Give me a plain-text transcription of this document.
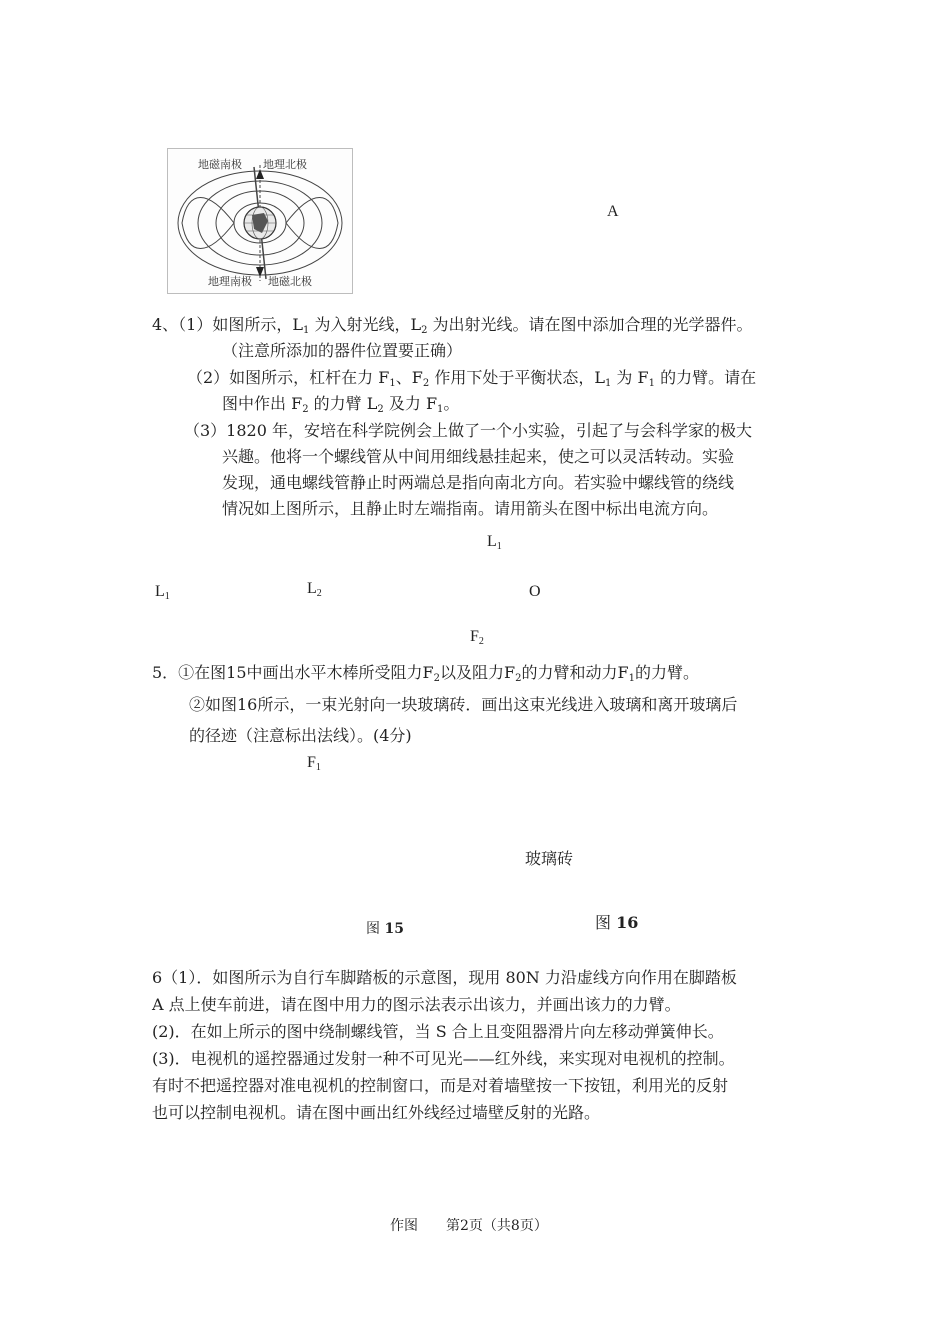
地磁南极 地理北极
地理南极 地磁北极
A
4、（1）如图所示，$L_1$ 为入射光线，$L_2$ 为出射光线。请在图中添加合理的光学器件。
（注意所添加的器件位置要正确）
（2）如图所示，杠杆在力 $F_1$、$F_2$ 作用下处于平衡状态，$L_1$ 为 $F_1$ 的力臂。请在
图中作出 $F_2$ 的力臂 $L_2$ 及力 $F_1$。
（3）1820 年，安培在科学院例会上做了一个小实验，引起了与会科学家的极大
兴趣。他将一个螺线管从中间用细线悬挂起来，使之可以灵活转动。实验
发现，通电螺线管静止时两端总是指向南北方向。若实验中螺线管的绕线
情况如上图所示，且静止时左端指南。请用箭头在图中标出电流方向。
$L_1$
$L_1$	$L_2$	O
$F_2$
5．①在图15中画出水平木棒所受阻力$F_2$以及阻力$F_2$的力臂和动力$F_1$的力臂。
②如图16所示，一束光射向一块玻璃砖．画出这束光线进入玻璃和离开玻璃后
的径迹（注意标出法线）。(4分)
$F_1$
玻璃砖
图 15	图 16
6（1）．如图所示为自行车脚踏板的示意图，现用 80N 力沿虚线方向作用在脚踏板
A 点上使车前进，请在图中用力的图示法表示出该力，并画出该力的力臂。
(2)．在如上所示的图中绕制螺线管，当 S 合上且变阻器滑片向左移动弹簧伸长。
(3)．电视机的遥控器通过发射一种不可见光——红外线，来实现对电视机的控制。
有时不把遥控器对准电视机的控制窗口，而是对着墙壁按一下按钮，利用光的反射
也可以控制电视机。请在图中画出红外线经过墙壁反射的光路。
作图　　第2页（共8页）
